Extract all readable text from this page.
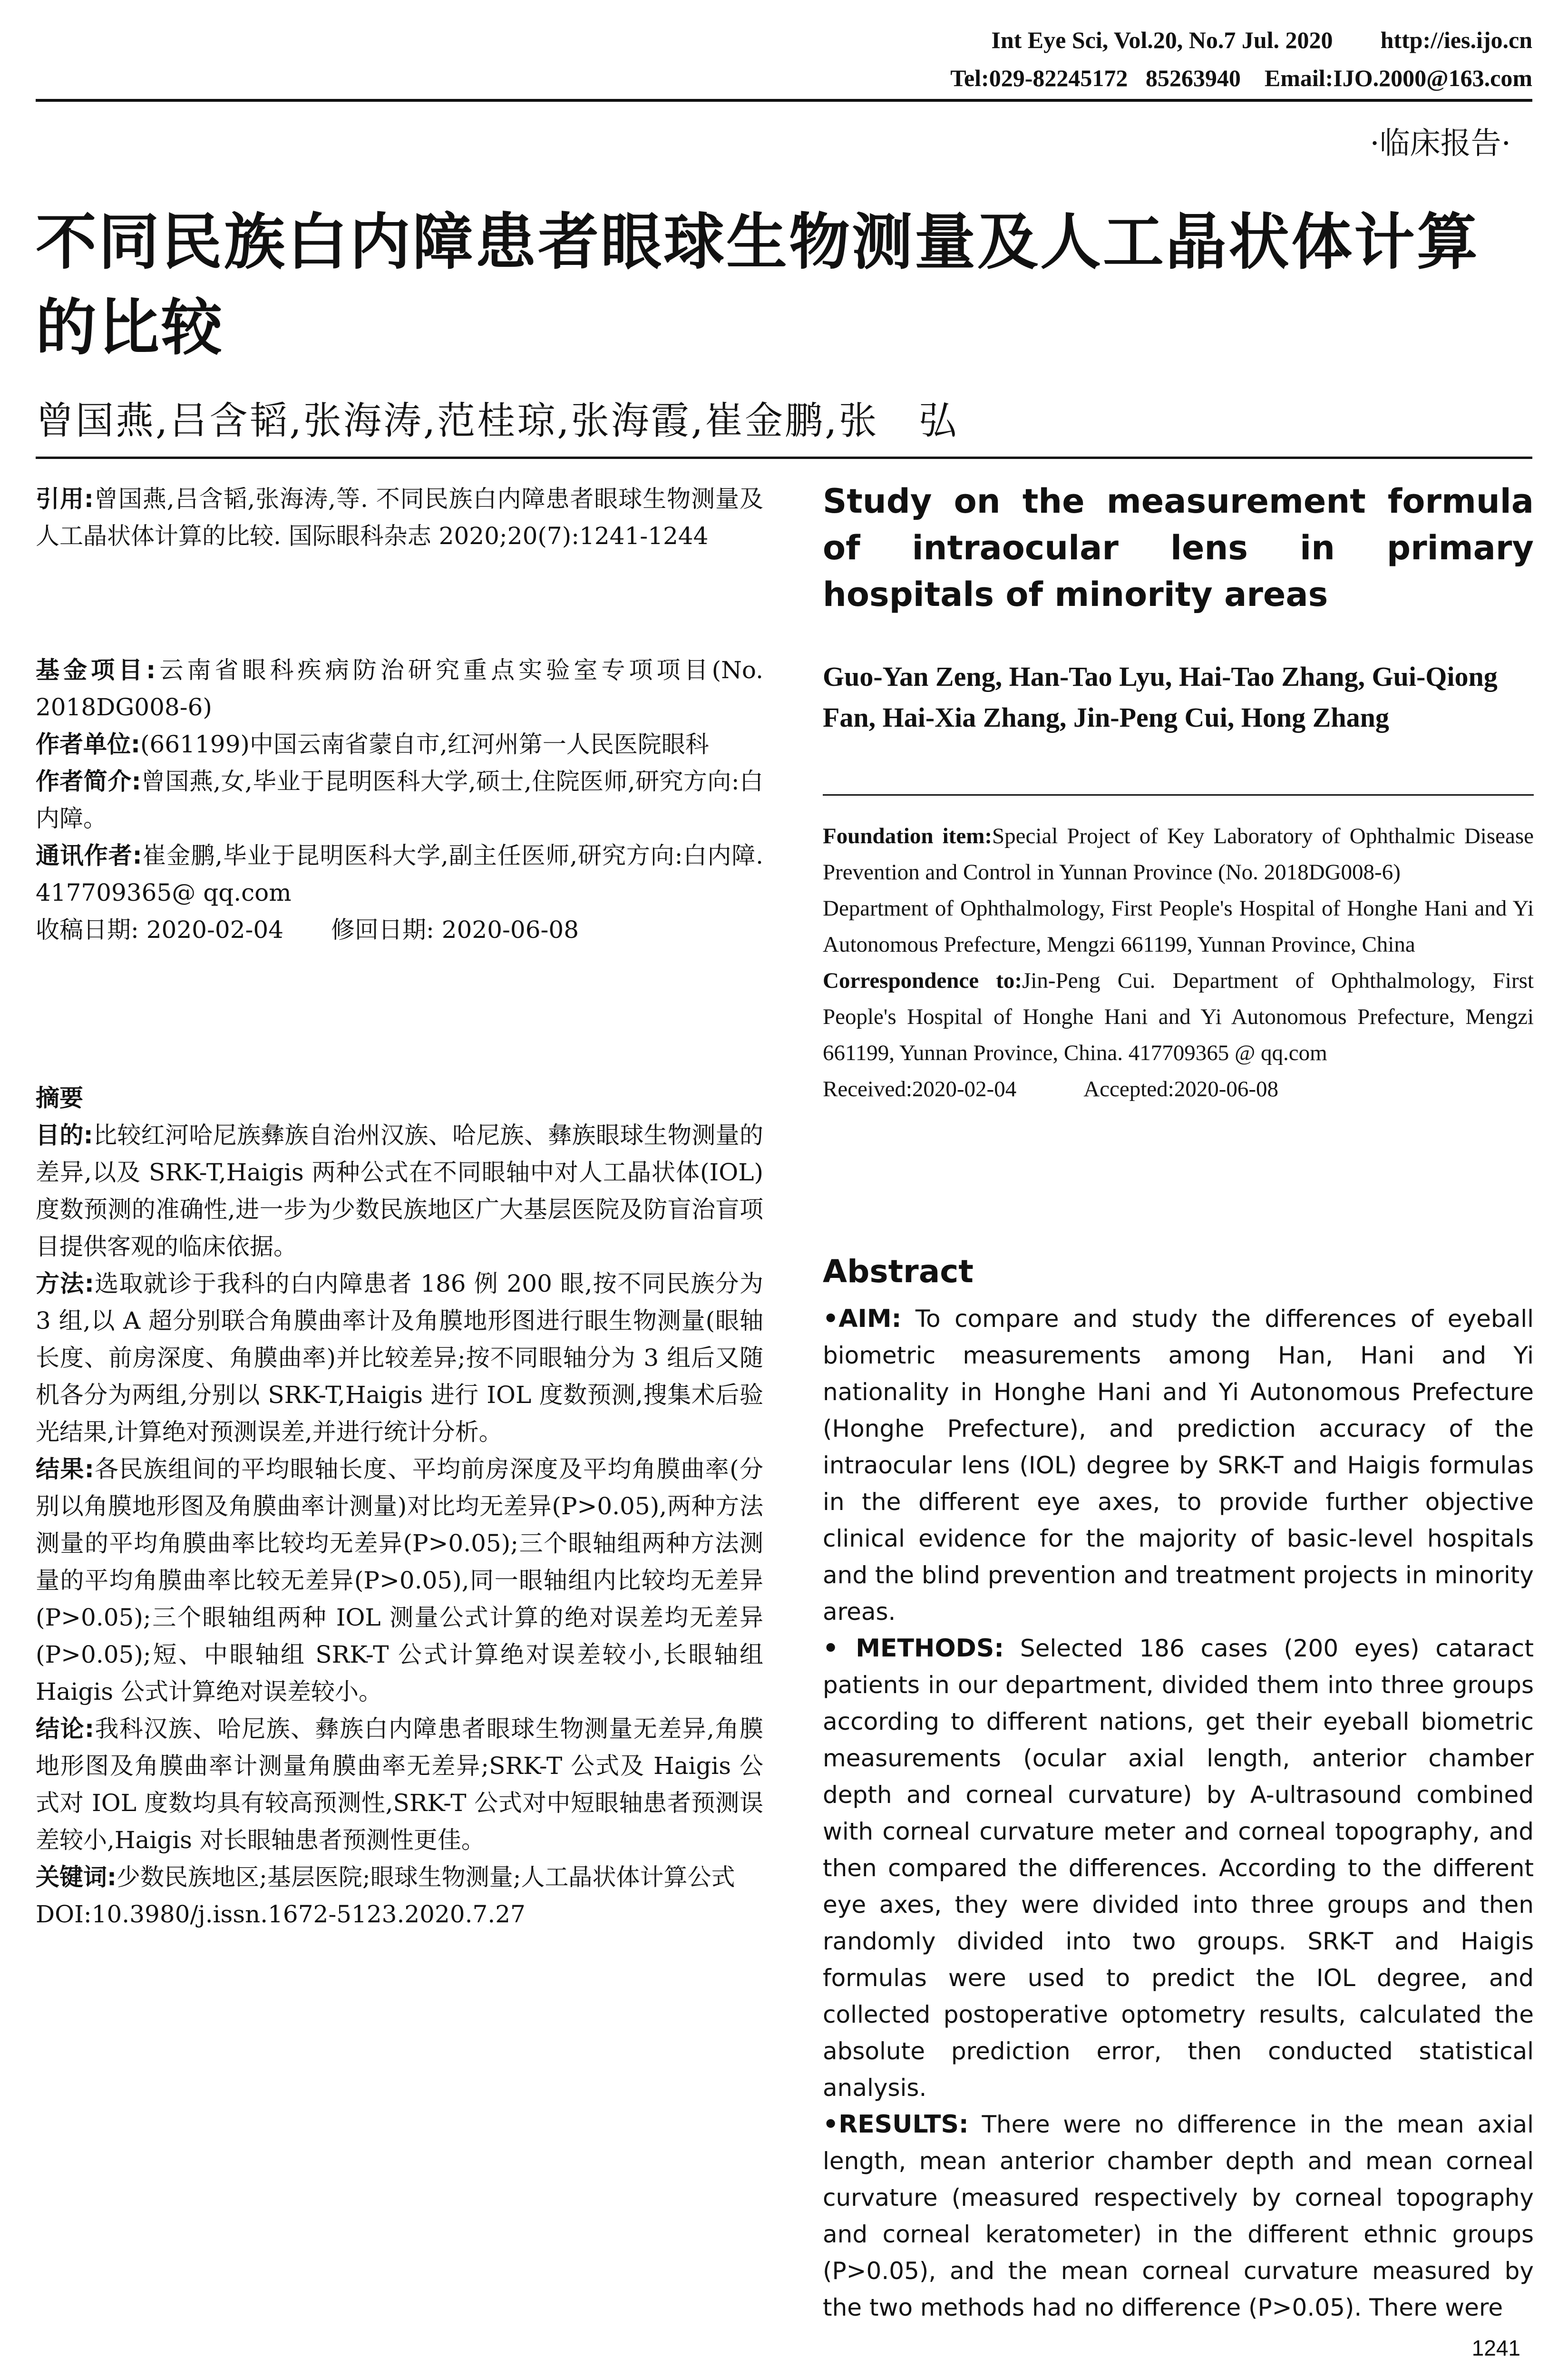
Int Eye Sci, Vol.20, No.7 Jul. 2020 http://ies.ijo.cn
Tel:029-82245172   85263940 Email:IJO.2000@163.com
·临床报告·
不同民族白内障患者眼球生物测量及人工晶状体计算的比较
曾国燕,吕含韬,张海涛,范桂琼,张海霞,崔金鹏,张　弘

引用:曾国燕,吕含韬,张海涛,等. 不同民族白内障患者眼球生物测量及人工晶状体计算的比较. 国际眼科杂志 2020;20(7):1241-1244

基金项目:云南省眼科疾病防治研究重点实验室专项项目(No. 2018DG008-6)

作者单位:(661199)中国云南省蒙自市,红河州第一人民医院眼科

作者简介:曾国燕,女,毕业于昆明医科大学,硕士,住院医师,研究方向:白内障。

通讯作者:崔金鹏,毕业于昆明医科大学,副主任医师,研究方向:白内障. 417709365@ qq.com

收稿日期: 2020-02-04　　 修回日期: 2020-06-08

摘要

目的:比较红河哈尼族彝族自治州汉族、哈尼族、彝族眼球生物测量的差异,以及 SRK-T,Haigis 两种公式在不同眼轴中对人工晶状体(IOL)度数预测的准确性,进一步为少数民族地区广大基层医院及防盲治盲项目提供客观的临床依据。

方法:选取就诊于我科的白内障患者 186 例 200 眼,按不同民族分为 3 组,以 A 超分别联合角膜曲率计及角膜地形图进行眼生物测量(眼轴长度、前房深度、角膜曲率)并比较差异;按不同眼轴分为 3 组后又随机各分为两组,分别以 SRK-T,Haigis 进行 IOL 度数预测,搜集术后验光结果,计算绝对预测误差,并进行统计分析。

结果:各民族组间的平均眼轴长度、平均前房深度及平均角膜曲率(分别以角膜地形图及角膜曲率计测量)对比均无差异(P>0.05),两种方法测量的平均角膜曲率比较均无差异(P>0.05);三个眼轴组两种方法测量的平均角膜曲率比较无差异(P>0.05),同一眼轴组内比较均无差异(P>0.05);三个眼轴组两种 IOL 测量公式计算的绝对误差均无差异(P>0.05);短、中眼轴组 SRK-T 公式计算绝对误差较小,长眼轴组 Haigis 公式计算绝对误差较小。

结论:我科汉族、哈尼族、彝族白内障患者眼球生物测量无差异,角膜地形图及角膜曲率计测量角膜曲率无差异;SRK-T 公式及 Haigis 公式对 IOL 度数均具有较高预测性,SRK-T 公式对中短眼轴患者预测误差较小,Haigis 对长眼轴患者预测性更佳。

关键词:少数民族地区;基层医院;眼球生物测量;人工晶状体计算公式

DOI:10.3980/j.issn.1672-5123.2020.7.27

Study on the measurement formula of intraocular lens in primary hospitals of minority areas
Guo-Yan Zeng, Han-Tao Lyu, Hai-Tao Zhang, Gui-Qiong Fan, Hai-Xia Zhang, Jin-Peng Cui, Hong Zhang
Foundation item:Special Project of Key Laboratory of Ophthalmic Disease Prevention and Control in Yunnan Province (No. 2018DG008-6)
Department of Ophthalmology, First People's Hospital of Honghe Hani and Yi Autonomous Prefecture, Mengzi 661199, Yunnan Province, China
Correspondence to:Jin-Peng Cui. Department of Ophthalmology, First People's Hospital of Honghe Hani and Yi Autonomous Prefecture, Mengzi 661199, Yunnan Province, China. 417709365 @ qq.com
Received:2020-02-04　　　	Accepted:2020-06-08
Abstract

•AIM: To compare and study the differences of eyeball biometric measurements among Han, Hani and Yi nationality in Honghe Hani and Yi Autonomous Prefecture (Honghe Prefecture), and prediction accuracy of the intraocular lens (IOL) degree by SRK-T and Haigis formulas in the different eye axes, to provide further objective clinical evidence for the majority of basic-level hospitals and the blind prevention and treatment projects in minority areas.

• METHODS: Selected 186 cases (200 eyes) cataract patients in our department, divided them into three groups according to different nations, get their eyeball biometric measurements (ocular axial length, anterior chamber depth and corneal curvature) by A-ultrasound combined with corneal curvature meter and corneal topography, and then compared the differences. According to the different eye axes, they were divided into three groups and then randomly divided into two groups. SRK-T and Haigis formulas were used to predict the IOL degree, and collected postoperative optometry results, calculated the absolute prediction error, then conducted statistical analysis.

•RESULTS: There were no difference in the mean axial length, mean anterior chamber depth and mean corneal curvature (measured respectively by corneal topography and corneal keratometer) in the different ethnic groups (P>0.05), and the mean corneal curvature measured by the two methods had no difference (P>0.05). There were

1241
